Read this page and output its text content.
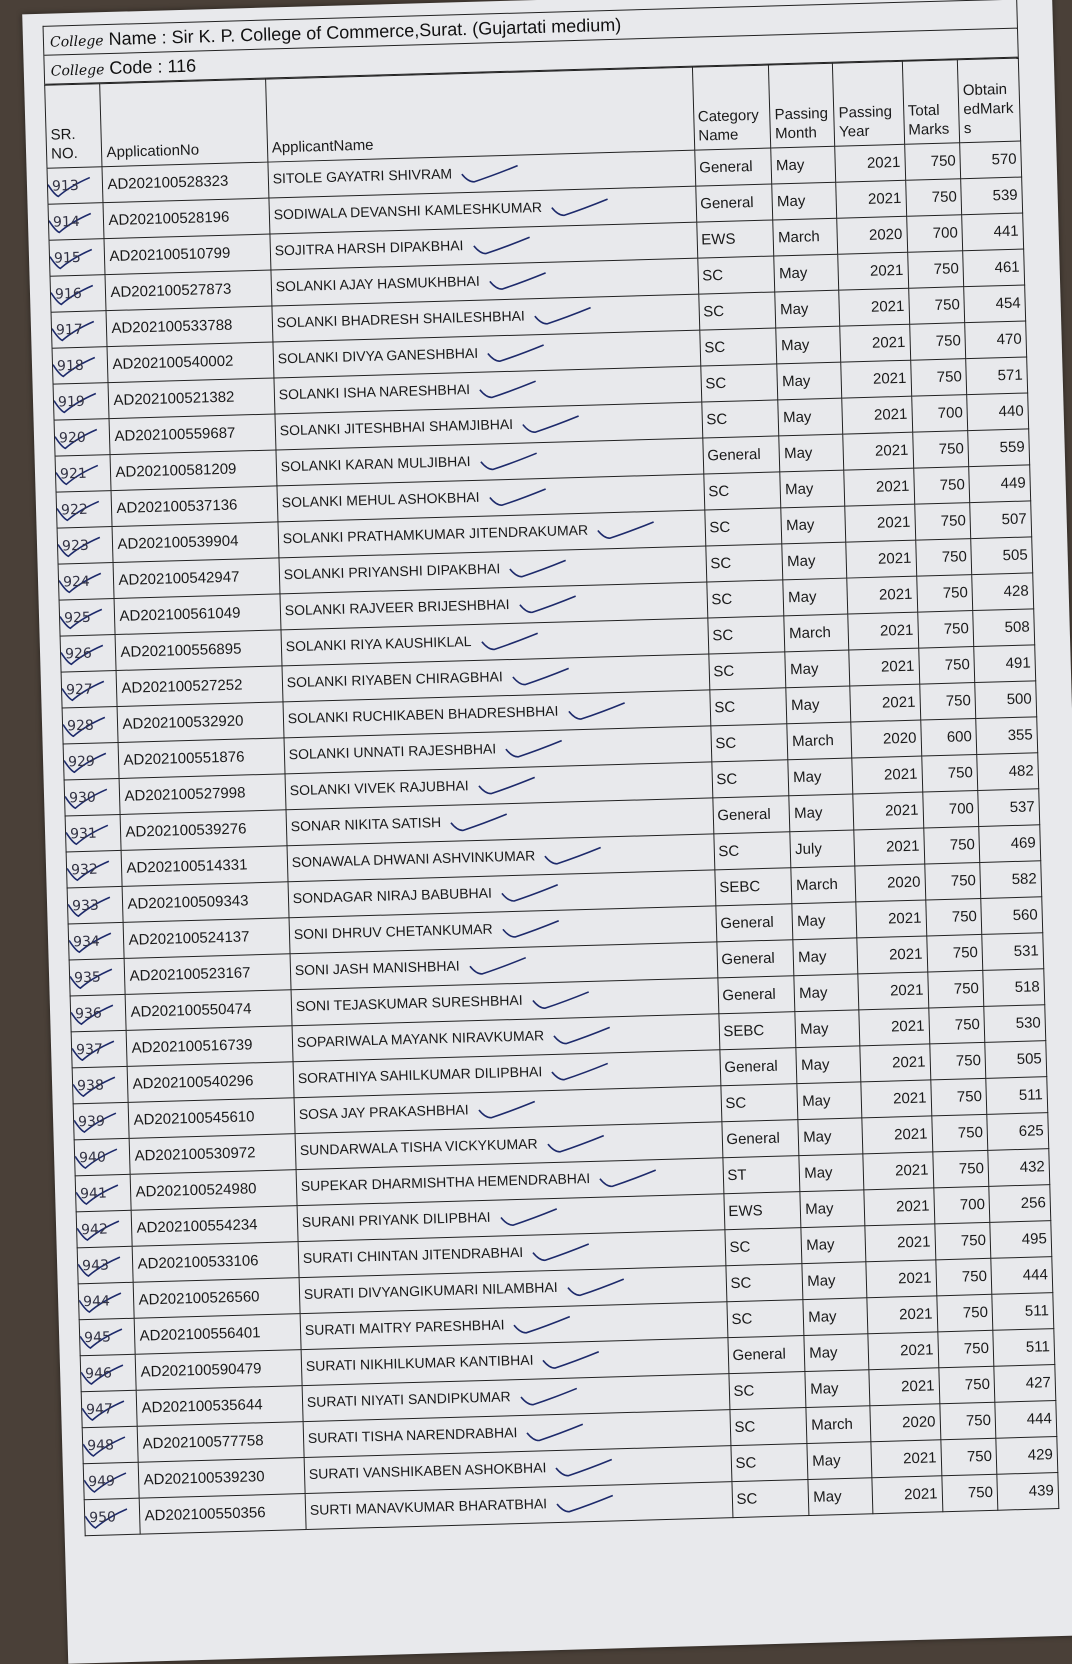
College Name : Sir K. P. College of Commerce,Surat. (Gujartati medium)
College Code : 116
SR. NO.	ApplicationNo	ApplicantName	Category Name	Passing Month	Passing Year	Total Marks	Obtain edMark s
913	AD202100528323	SITOLE GAYATRI SHIVRAM	General	May	2021	750	570
914	AD202100528196	SODIWALA DEVANSHI KAMLESHKUMAR	General	May	2021	750	539
915	AD202100510799	SOJITRA HARSH DIPAKBHAI	EWS	March	2020	700	441
916	AD202100527873	SOLANKI AJAY HASMUKHBHAI	SC	May	2021	750	461
917	AD202100533788	SOLANKI BHADRESH SHAILESHBHAI	SC	May	2021	750	454
918	AD202100540002	SOLANKI DIVYA GANESHBHAI	SC	May	2021	750	470
919	AD202100521382	SOLANKI ISHA NARESHBHAI	SC	May	2021	750	571
920	AD202100559687	SOLANKI JITESHBHAI SHAMJIBHAI	SC	May	2021	700	440
921	AD202100581209	SOLANKI KARAN MULJIBHAI	General	May	2021	750	559
922	AD202100537136	SOLANKI MEHUL ASHOKBHAI	SC	May	2021	750	449
923	AD202100539904	SOLANKI PRATHAMKUMAR JITENDRAKUMAR	SC	May	2021	750	507
924	AD202100542947	SOLANKI PRIYANSHI DIPAKBHAI	SC	May	2021	750	505
925	AD202100561049	SOLANKI RAJVEER BRIJESHBHAI	SC	May	2021	750	428
926	AD202100556895	SOLANKI RIYA KAUSHIKLAL	SC	March	2021	750	508
927	AD202100527252	SOLANKI RIYABEN CHIRAGBHAI	SC	May	2021	750	491
928	AD202100532920	SOLANKI RUCHIKABEN BHADRESHBHAI	SC	May	2021	750	500
929	AD202100551876	SOLANKI UNNATI RAJESHBHAI	SC	March	2020	600	355
930	AD202100527998	SOLANKI VIVEK RAJUBHAI	SC	May	2021	750	482
931	AD202100539276	SONAR NIKITA SATISH	General	May	2021	700	537
932	AD202100514331	SONAWALA DHWANI ASHVINKUMAR	SC	July	2021	750	469
933	AD202100509343	SONDAGAR NIRAJ BABUBHAI	SEBC	March	2020	750	582
934	AD202100524137	SONI DHRUV CHETANKUMAR	General	May	2021	750	560
935	AD202100523167	SONI JASH MANISHBHAI	General	May	2021	750	531
936	AD202100550474	SONI TEJASKUMAR SURESHBHAI	General	May	2021	750	518
937	AD202100516739	SOPARIWALA MAYANK NIRAVKUMAR	SEBC	May	2021	750	530
938	AD202100540296	SORATHIYA SAHILKUMAR DILIPBHAI	General	May	2021	750	505
939	AD202100545610	SOSA JAY PRAKASHBHAI	SC	May	2021	750	511
940	AD202100530972	SUNDARWALA TISHA VICKYKUMAR	General	May	2021	750	625
941	AD202100524980	SUPEKAR DHARMISHTHA HEMENDRABHAI	ST	May	2021	750	432
942	AD202100554234	SURANI PRIYANK DILIPBHAI	EWS	May	2021	700	256
943	AD202100533106	SURATI CHINTAN JITENDRABHAI	SC	May	2021	750	495
944	AD202100526560	SURATI DIVYANGIKUMARI NILAMBHAI	SC	May	2021	750	444
945	AD202100556401	SURATI MAITRY PARESHBHAI	SC	May	2021	750	511
946	AD202100590479	SURATI NIKHILKUMAR KANTIBHAI	General	May	2021	750	511
947	AD202100535644	SURATI NIYATI SANDIPKUMAR	SC	May	2021	750	427
948	AD202100577758	SURATI TISHA NARENDRABHAI	SC	March	2020	750	444
949	AD202100539230	SURATI VANSHIKABEN ASHOKBHAI	SC	May	2021	750	429
950	AD202100550356	SURTI MANAVKUMAR BHARATBHAI	SC	May	2021	750	439
